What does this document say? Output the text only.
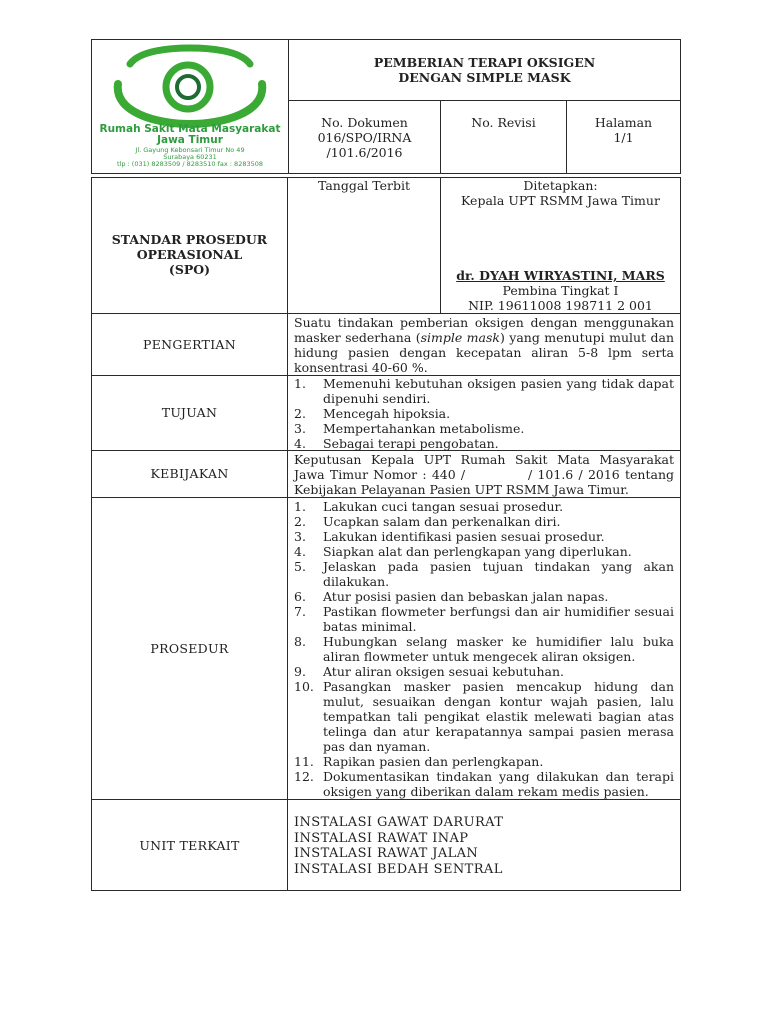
Rumah Sakit Mata Masyarakat
Jawa Timur
Jl. Gayung Kebonsari Timur No 49
Surabaya 60231
tlp : (031) 8283509 / 8283510 fax : 8283508
PEMBERIAN TERAPI OKSIGEN
DENGAN SIMPLE MASK
No. Dokumen
016/SPO/IRNA
/101.6/2016
No. Revisi	Halaman
1/1
STANDAR PROSEDUR
OPERASIONAL
(SPO)
Tanggal Terbit	Ditetapkan:
Kepala UPT RSMM Jawa Timur
dr. DYAH WIRYASTINI, MARS
Pembina Tingkat I
NIP. 19611008 198711 2 001
PENGERTIAN
Suatu tindakan pemberian oksigen dengan menggunakan masker sederhana (simple mask) yang menutupi mulut dan hidung pasien dengan kecepatan aliran 5-8 lpm serta konsentrasi 40-60 %.
TUJUAN
1. Memenuhi kebutuhan oksigen pasien yang tidak dapat dipenuhi sendiri.
2. Mencegah hipoksia.
3. Mempertahankan metabolisme.
4. Sebagai terapi pengobatan.
KEBIJAKAN
Keputusan Kepala UPT Rumah Sakit Mata Masyarakat Jawa Timur Nomor : 440 /            / 101.6 / 2016 tentang Kebijakan Pelayanan Pasien UPT RSMM Jawa Timur.
PROSEDUR
1. Lakukan cuci tangan sesuai prosedur.
2. Ucapkan salam dan perkenalkan diri.
3. Lakukan identifikasi pasien sesuai prosedur.
4. Siapkan alat dan perlengkapan yang diperlukan.
5. Jelaskan pada pasien tujuan tindakan yang akan dilakukan.
6. Atur posisi pasien dan bebaskan jalan napas.
7. Pastikan flowmeter berfungsi dan air humidifier sesuai batas minimal.
8. Hubungkan selang masker ke humidifier lalu buka aliran flowmeter untuk mengecek aliran oksigen.
9. Atur aliran oksigen sesuai kebutuhan.
10. Pasangkan masker pasien mencakup hidung dan mulut, sesuaikan dengan kontur wajah pasien, lalu tempatkan tali pengikat elastik melewati bagian atas telinga dan atur kerapatannya sampai pasien merasa pas dan nyaman.
11. Rapikan pasien dan perlengkapan.
12. Dokumentasikan tindakan yang dilakukan dan terapi oksigen yang diberikan dalam rekam medis pasien.
UNIT TERKAIT
INSTALASI GAWAT DARURAT
INSTALASI RAWAT INAP
INSTALASI RAWAT JALAN
INSTALASI BEDAH SENTRAL
